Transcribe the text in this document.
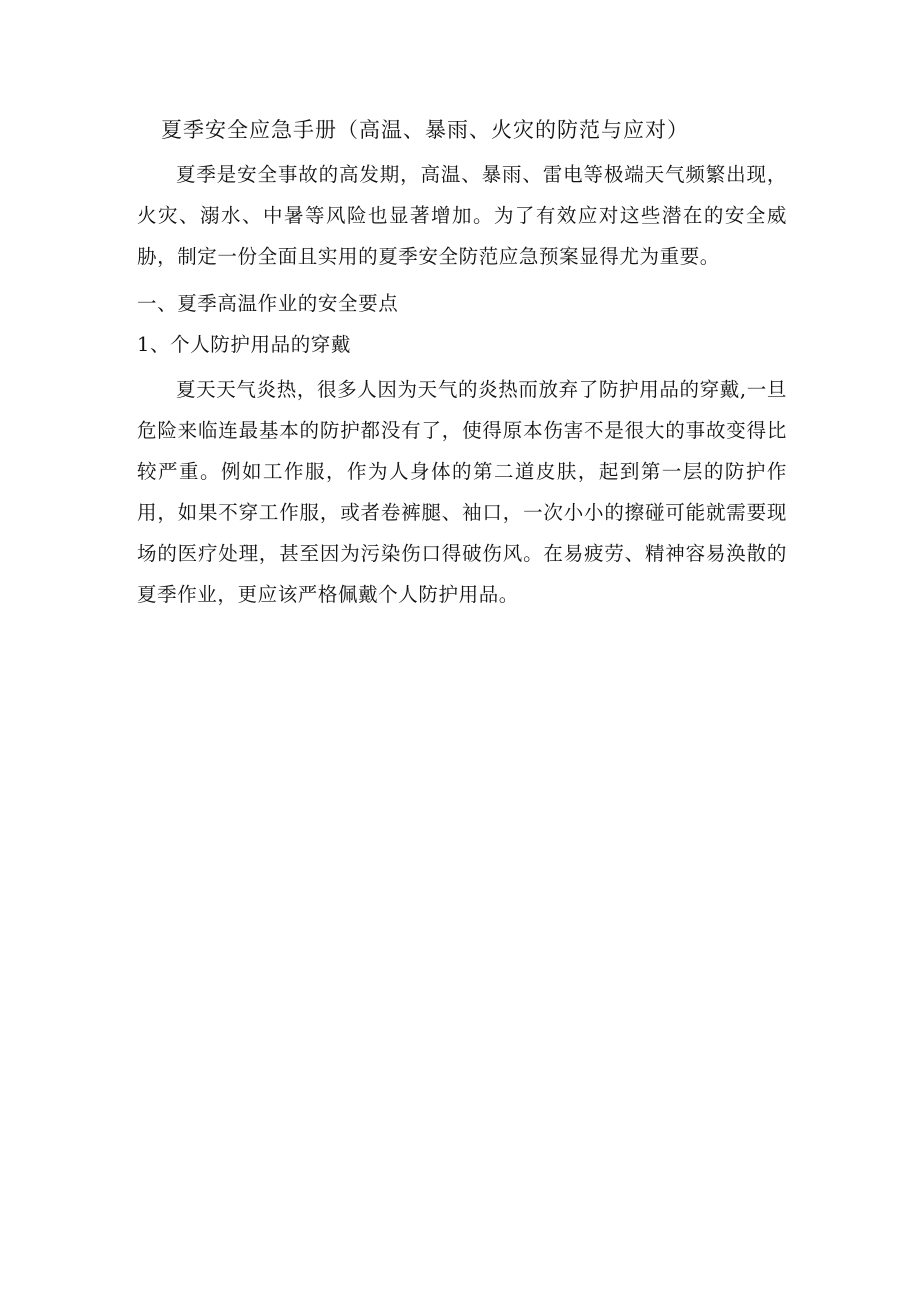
夏季安全应急手册（高温、暴雨、火灾的防范与应对）

夏季是安全事故的高发期，高温、暴雨、雷电等极端天气频繁出现，火灾、溺水、中暑等风险也显著增加。为了有效应对这些潜在的安全威胁，制定一份全面且实用的夏季安全防范应急预案显得尤为重要。

一、夏季高温作业的安全要点
1、个人防护用品的穿戴

夏天天气炎热，很多人因为天气的炎热而放弃了防护用品的穿戴,一旦危险来临连最基本的防护都没有了，使得原本伤害不是很大的事故变得比较严重。例如工作服，作为人身体的第二道皮肤，起到第一层的防护作用，如果不穿工作服，或者卷裤腿、袖口，一次小小的擦碰可能就需要现场的医疗处理，甚至因为污染伤口得破伤风。在易疲劳、精神容易涣散的夏季作业，更应该严格佩戴个人防护用品。
